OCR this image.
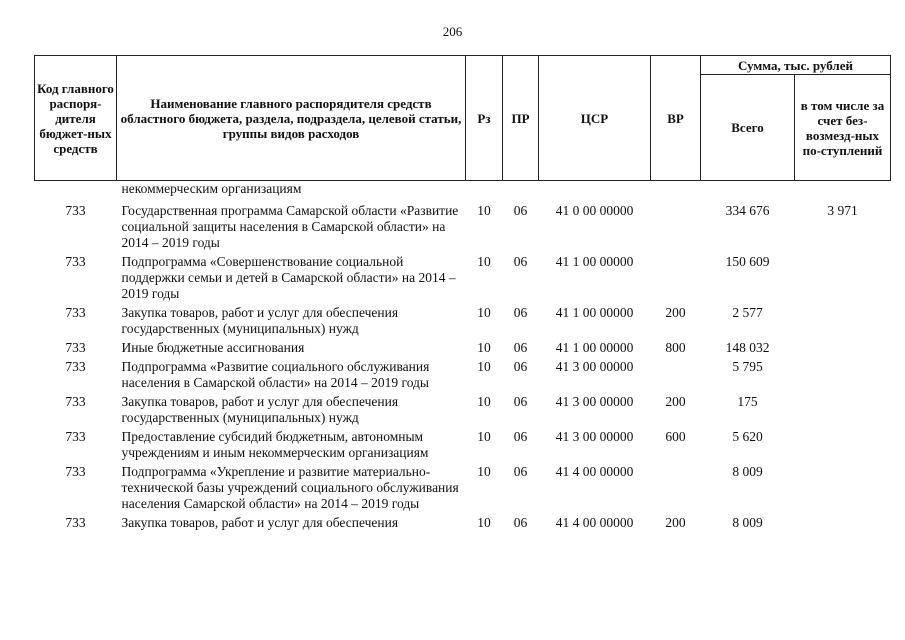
206
Код главного распоря-дителя бюджет-ных средств	Наименование главного распорядителя средств областного бюджета, раздела, подраздела, целевой статьи, группы видов расходов	Рз	ПР	ЦСР	ВР	Сумма, тыс. рублей	
						Всего	в том числе за счет без-возмезд-ных по-ступлений
	некоммерческим организациям						
733	Государственная программа Самарской области «Развитие социальной защиты населения в Самарской области» на 2014 – 2019 годы	10	06	41 0 00 00000		334 676	3 971
733	Подпрограмма «Совершенствование социальной поддержки семьи и детей в Самарской области» на 2014 – 2019 годы	10	06	41 1 00 00000		150 609	
733	Закупка товаров, работ и услуг для обеспечения государственных (муниципальных) нужд	10	06	41 1 00 00000	200	2 577	
733	Иные бюджетные ассигнования	10	06	41 1 00 00000	800	148 032	
733	Подпрограмма «Развитие социального обслуживания населения в Самарской области» на 2014 – 2019 годы	10	06	41 3 00 00000		5 795	
733	Закупка товаров, работ и услуг для обеспечения государственных (муниципальных) нужд	10	06	41 3 00 00000	200	175	
733	Предоставление субсидий бюджетным, автономным учреждениям и иным некоммерческим организациям	10	06	41 3 00 00000	600	5 620	
733	Подпрограмма «Укрепление и развитие материально-технической базы учреждений социального обслуживания населения Самарской области» на 2014 – 2019 годы	10	06	41 4 00 00000		8 009	
733	Закупка товаров, работ и услуг для обеспечения	10	06	41 4 00 00000	200	8 009	
